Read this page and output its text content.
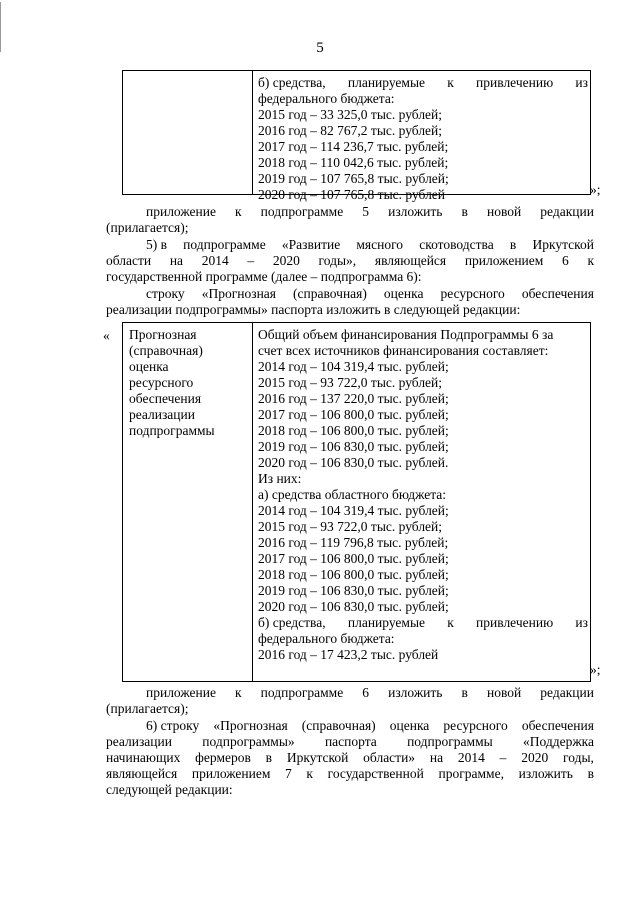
5
б) средства, планируемые к привлечению из
федерального бюджета:
2015 год – 33 325,0 тыс. рублей;
2016 год – 82 767,2 тыс. рублей;
2017 год – 114 236,7 тыс. рублей;
2018 год – 110 042,6 тыс. рублей;
2019 год – 107 765,8 тыс. рублей;
2020 год – 107 765,8 тыс. рублей	»;
приложение к подпрограмме 5 изложить в новой редакции
(прилагается);
5) в подпрограмме «Развитие мясного скотоводства в Иркутской
области на 2014 – 2020 годы», являющейся приложением 6 к
государственной программе (далее – подпрограмма 6):
строку «Прогнозная (справочная) оценка ресурсного обеспечения
реализации подпрограммы» паспорта изложить в следующей редакции:
« Прогнозная
(справочная)
оценка
ресурсного
обеспечения
реализации
подпрограммы
Общий объем финансирования Подпрограммы 6 за
счет всех источников финансирования составляет:
2014 год – 104 319,4 тыс. рублей;
2015 год – 93 722,0 тыс. рублей;
2016 год – 137 220,0 тыс. рублей;
2017 год – 106 800,0 тыс. рублей;
2018 год – 106 800,0 тыс. рублей;
2019 год – 106 830,0 тыс. рублей;
2020 год – 106 830,0 тыс. рублей.
Из них:
а) средства областного бюджета:
2014 год – 104 319,4 тыс. рублей;
2015 год – 93 722,0 тыс. рублей;
2016 год – 119 796,8 тыс. рублей;
2017 год – 106 800,0 тыс. рублей;
2018 год – 106 800,0 тыс. рублей;
2019 год – 106 830,0 тыс. рублей;
2020 год – 106 830,0 тыс. рублей;
б) средства, планируемые к привлечению из
федерального бюджета:
2016 год – 17 423,2 тыс. рублей
»;
приложение к подпрограмме 6 изложить в новой редакции
(прилагается);
6) строку «Прогнозная (справочная) оценка ресурсного обеспечения
реализации подпрограммы» паспорта подпрограммы «Поддержка
начинающих фермеров в Иркутской области» на 2014 – 2020 годы,
являющейся приложением 7 к государственной программе, изложить в
следующей редакции:
